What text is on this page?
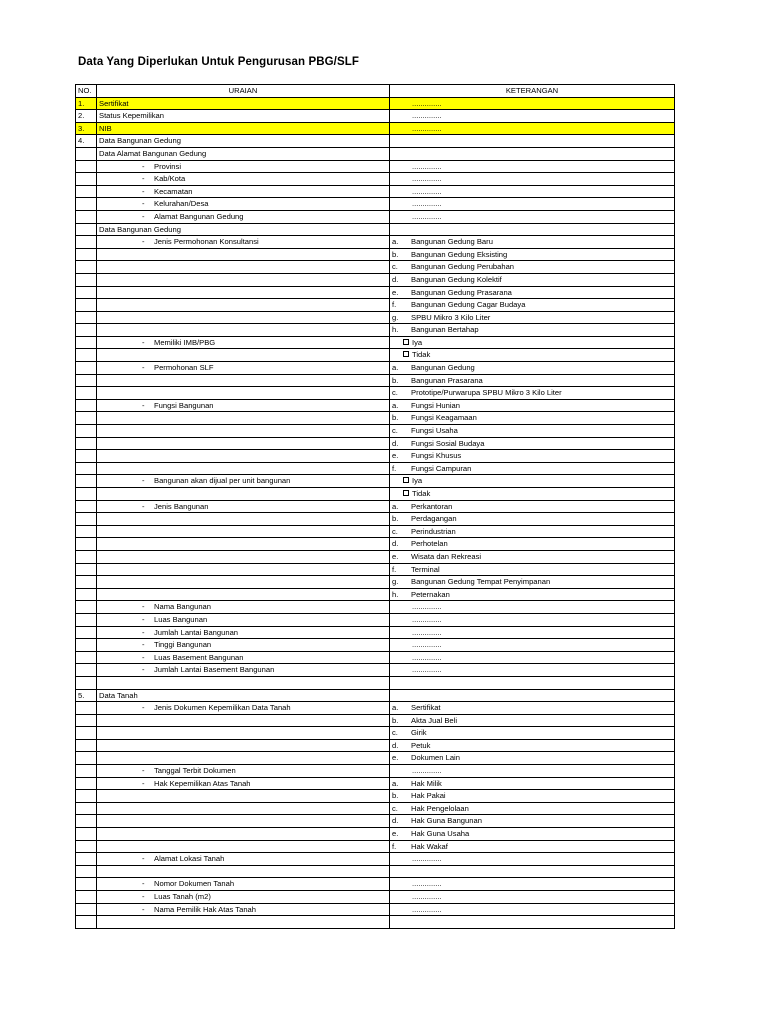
Data Yang Diperlukan Untuk Pengurusan PBG/SLF
NO.	URAIAN	KETERANGAN
1.	Sertifikat	..............
2.	Status Kepemilikan	..............
3.	NIB	..............
4.	Data Bangunan Gedung	
	Data Alamat Bangunan Gedung	
	- Provinsi	..............
	- Kab/Kota	..............
	- Kecamatan	..............
	- Kelurahan/Desa	..............
	- Alamat Bangunan Gedung	..............
	Data Bangunan Gedung	
	- Jenis Permohonan Konsultansi	a. Bangunan Gedung Baru
		b. Bangunan Gedung Eksisting
		c. Bangunan Gedung Perubahan
		d. Bangunan Gedung Kolektif
		e. Bangunan Gedung Prasarana
		f. Bangunan Gedung Cagar Budaya
		g. SPBU Mikro 3 Kilo Liter
		h. Bangunan Bertahap
	- Memiliki IMB/PBG	Iya
		Tidak
	- Permohonan SLF	a. Bangunan Gedung
		b. Bangunan Prasarana
		c. Prototipe/Purwarupa SPBU Mikro 3 Kilo Liter
	- Fungsi Bangunan	a. Fungsi Hunian
		b. Fungsi Keagamaan
		c. Fungsi Usaha
		d. Fungsi Sosial Budaya
		e. Fungsi Khusus
		f. Fungsi Campuran
	- Bangunan akan dijual per unit bangunan	Iya
		Tidak
	- Jenis Bangunan	a. Perkantoran
		b. Perdagangan
		c. Perindustrian
		d. Perhotelan
		e. Wisata dan Rekreasi
		f. Terminal
		g. Bangunan Gedung Tempat Penyimpanan
		h. Peternakan
	- Nama Bangunan	..............
	- Luas Bangunan	..............
	- Jumlah Lantai Bangunan	..............
	- Tinggi Bangunan	..............
	- Luas Basement Bangunan	..............
	- Jumlah Lantai Basement Bangunan	..............

5.	Data Tanah	
	- Jenis Dokumen Kepemilikan Data Tanah	a. Sertifikat
		b. Akta Jual Beli
		c. Girik
		d. Petuk
		e. Dokumen Lain
	- Tanggal Terbit Dokumen	..............
	- Hak Kepemilikan Atas Tanah	a. Hak Milik
		b. Hak Pakai
		c. Hak Pengelolaan
		d. Hak Guna Bangunan
		e. Hak Guna Usaha
		f. Hak Wakaf
	- Alamat Lokasi Tanah	..............

	- Nomor Dokumen Tanah	..............
	- Luas Tanah (m2)	..............
	- Nama Pemilik Hak Atas Tanah	..............
